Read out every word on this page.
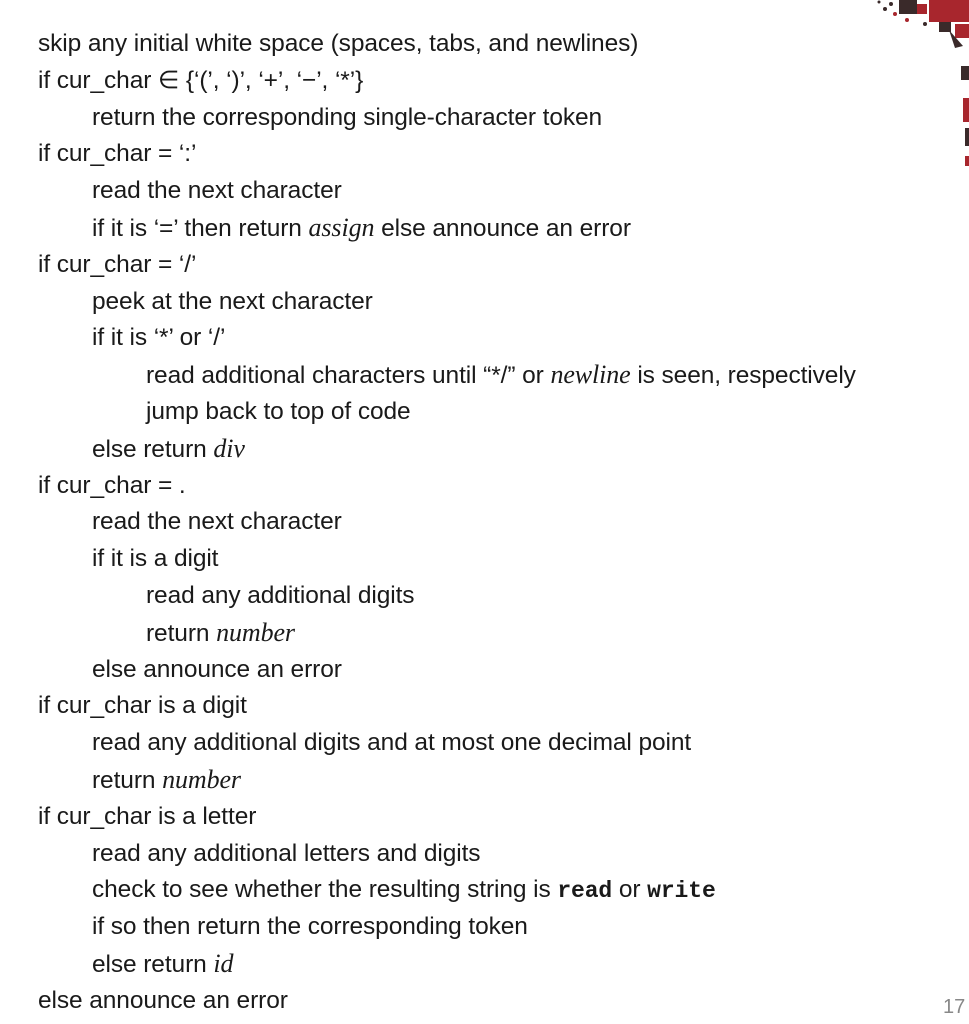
skip any initial white space (spaces, tabs, and newlines)
if cur_char ∈ {‘(’, ‘)’, ‘+’, ‘−’, ‘*’}
return the corresponding single-character token
if cur_char = ‘:’
read the next character
if it is ‘=’ then return assign else announce an error
if cur_char = ‘/’
peek at the next character
if it is ‘*’ or ‘/’
read additional characters until “*/” or newline is seen, respectively
jump back to top of code
else return div
if cur_char = .
read the next character
if it is a digit
read any additional digits
return number
else announce an error
if cur_char is a digit
read any additional digits and at most one decimal point
return number
if cur_char is a letter
read any additional letters and digits
check to see whether the resulting string is read or write
if so then return the corresponding token
else return id
else announce an error	17
